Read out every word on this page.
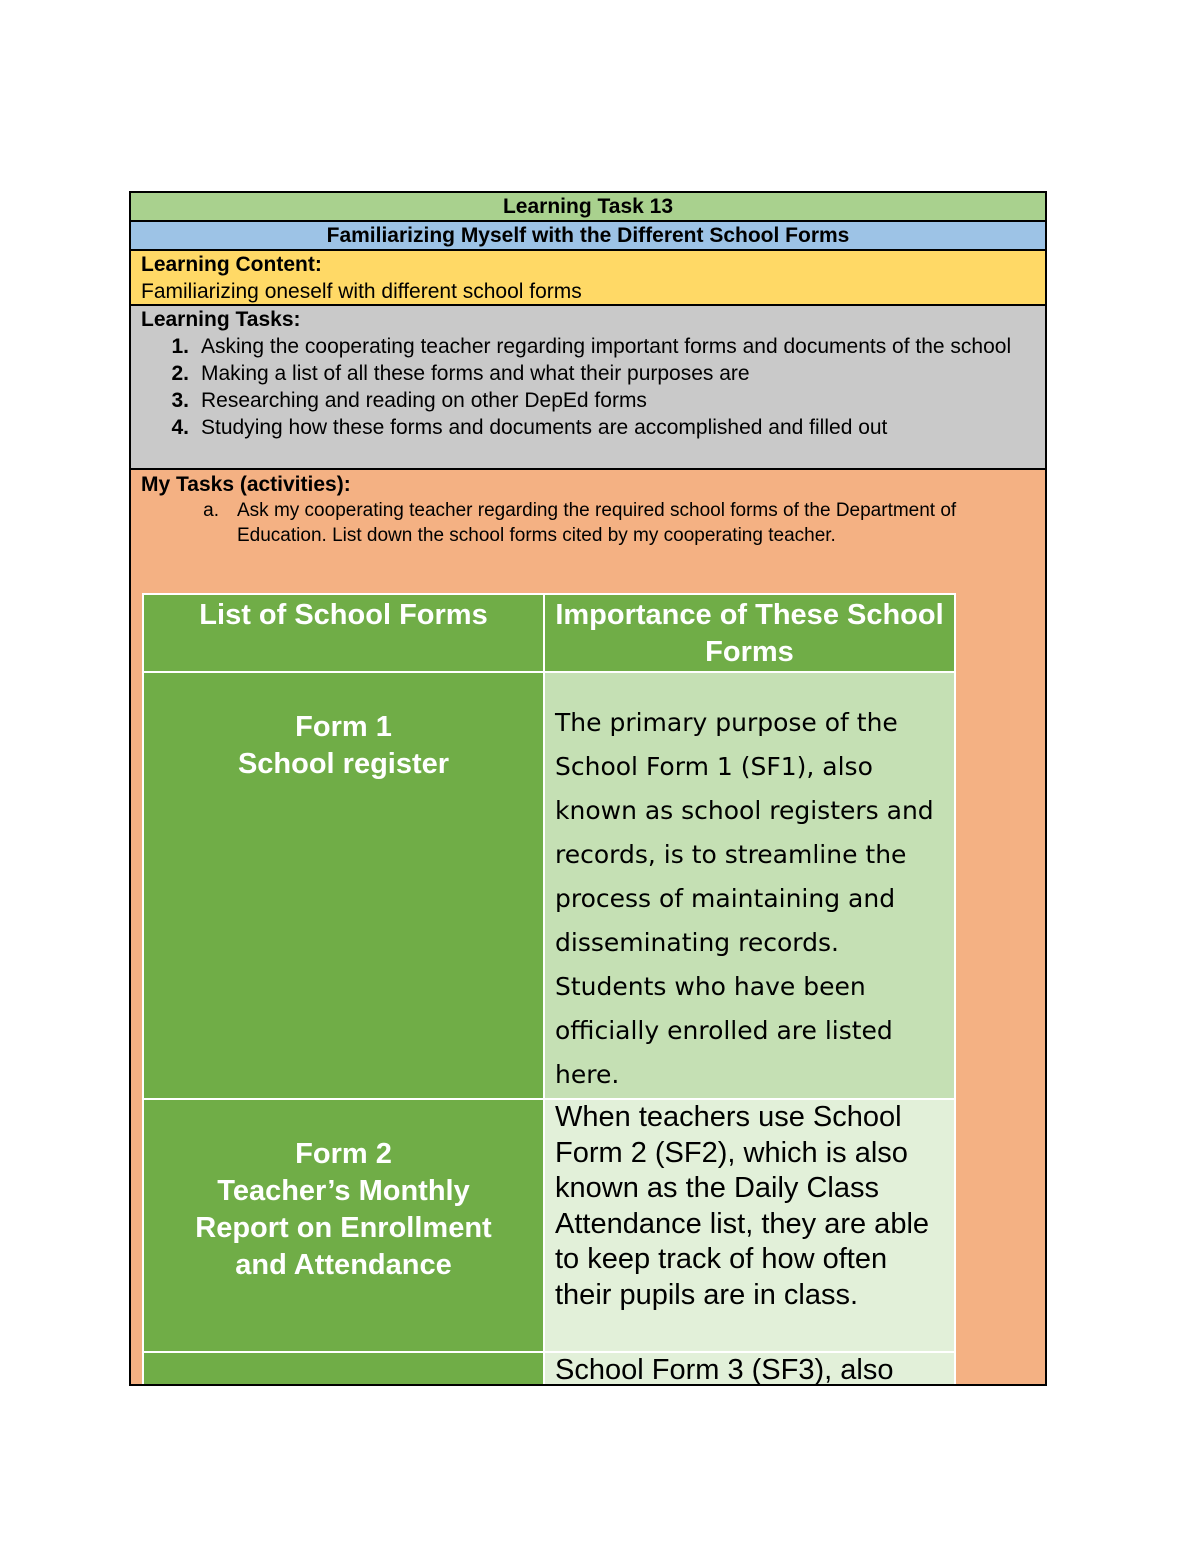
Learning Task 13
Familiarizing Myself with the Different School Forms
Learning Content:
Familiarizing oneself with different school forms
Learning Tasks:
1. Asking the cooperating teacher regarding important forms and documents of the school
2. Making a list of all these forms and what their purposes are
3. Researching and reading on other DepEd forms
4. Studying how these forms and documents are accomplished and filled out
My Tasks (activities):
a. Ask my cooperating teacher regarding the required school forms of the Department of Education. List down the school forms cited by my cooperating teacher.
List of School Forms	Importance of These School Forms

Form 1
School register	The primary purpose of the School Form 1 (SF1), also known as school registers and records, is to streamline the process of maintaining and disseminating records. Students who have been officially enrolled are listed here.

Form 2
Teacher’s Monthly Report on Enrollment and Attendance	When teachers use School Form 2 (SF2), which is also known as the Daily Class Attendance list, they are able to keep track of how often their pupils are in class.

	School Form 3 (SF3), also
